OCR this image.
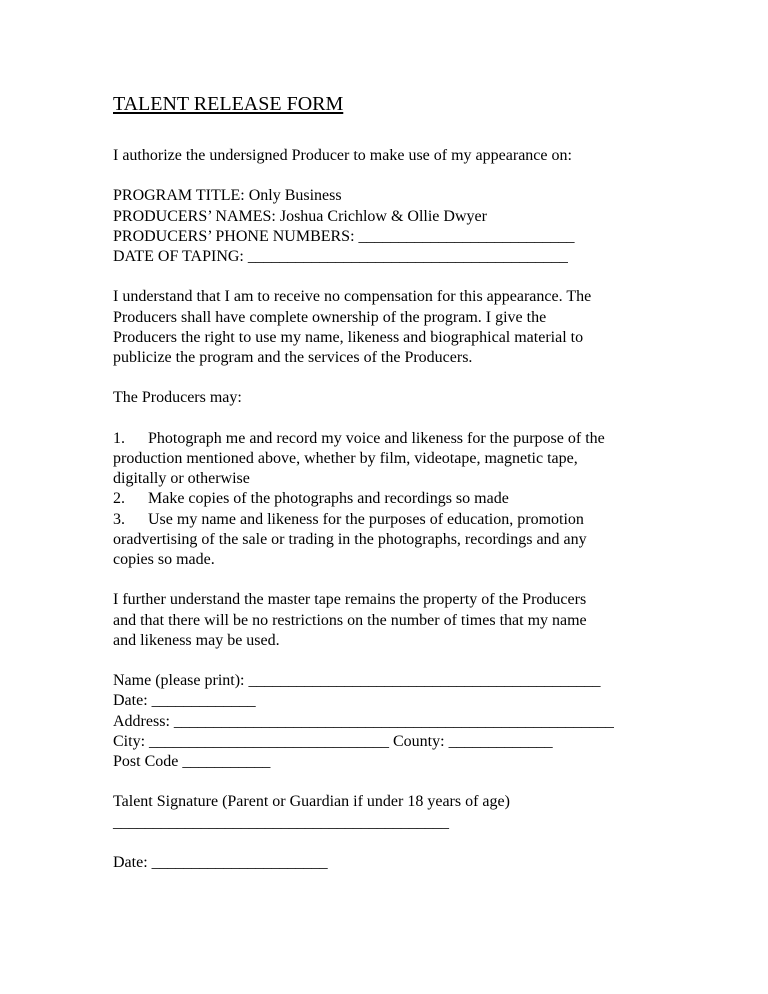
TALENT RELEASE FORM
I authorize the undersigned Producer to make use of my appearance on:
PROGRAM TITLE: Only Business
PRODUCERS’ NAMES: Joshua Crichlow & Ollie Dwyer
PRODUCERS’ PHONE NUMBERS: ___________________________
DATE OF TAPING: ________________________________________
I understand that I am to receive no compensation for this appearance. The
Producers shall have complete ownership of the program. I give the
Producers the right to use my name, likeness and biographical material to
publicize the program and the services of the Producers.
The Producers may:
1. Photograph me and record my voice and likeness for the purpose of the
production mentioned above, whether by film, videotape, magnetic tape,
digitally or otherwise
2. Make copies of the photographs and recordings so made
3. Use my name and likeness for the purposes of education, promotion
oradvertising of the sale or trading in the photographs, recordings and any
copies so made.
I further understand the master tape remains the property of the Producers
and that there will be no restrictions on the number of times that my name
and likeness may be used.
Name (please print): ____________________________________________
Date: _____________
Address: _______________________________________________________
City: ______________________________ County: _____________
Post Code ___________
Talent Signature (Parent or Guardian if under 18 years of age)
__________________________________________
Date: ______________________
